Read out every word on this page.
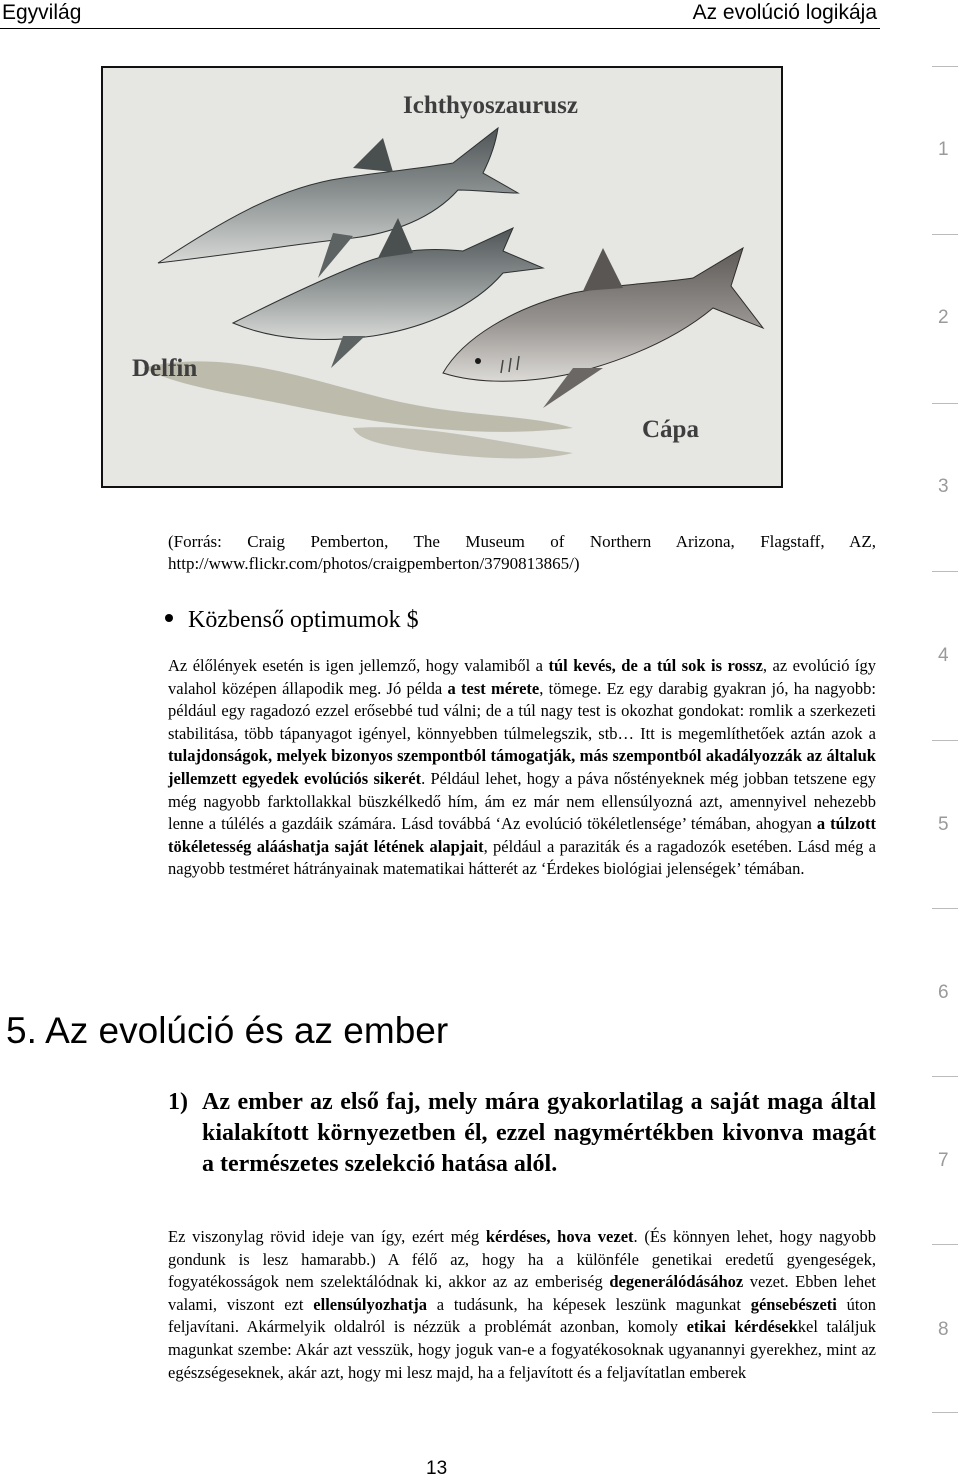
Egyvilág	Az evolúció logikája
Ichthyoszaurusz
Delfin
Cápa
(Forrás: Craig Pemberton, The Museum of Northern Arizona, Flagstaff, AZ,
http://www.flickr.com/photos/craigpemberton/3790813865/)
Közbenső optimumok $
Az élőlények esetén is igen jellemző, hogy valamiből a túl kevés, de a túl sok is rossz, az evolúció így valahol középen állapodik meg. Jó példa a test mérete, tömege. Ez egy darabig gyakran jó, ha nagyobb: például egy ragadozó ezzel erősebbé tud válni; de a túl nagy test is okozhat gondokat: romlik a szerkezeti stabilitása, több tápanyagot igényel, könnyebben túlmelegszik, stb… Itt is megemlíthetőek aztán azok a tulajdonságok, melyek bizonyos szempontból támogatják, más szempontból akadályozzák az általuk jellemzett egyedek evolúciós sikerét. Például lehet, hogy a páva nőstényeknek még jobban tetszene egy még nagyobb farktollakkal büszkélkedő hím, ám ez már nem ellensúlyozná azt, amennyivel nehezebb lenne a túlélés a gazdáik számára. Lásd továbbá ‘Az evolúció tökéletlensége’ témában, ahogyan a túlzott tökéletesség alááshatja saját létének alapjait, például a paraziták és a ragadozók esetében. Lásd még a nagyobb testméret hátrányainak matematikai hátterét az ‘Érdekes biológiai jelenségek’ témában.
5. Az evolúció és az ember
1) Az ember az első faj, mely mára gyakorlatilag a saját maga által kialakított környezetben él, ezzel nagymértékben kivonva magát a természetes szelekció hatása alól.
Ez viszonylag rövid ideje van így, ezért még kérdéses, hova vezet. (És könnyen lehet, hogy nagyobb gondunk is lesz hamarabb.) A félő az, hogy ha a különféle genetikai eredetű gyengeségek, fogyatékosságok nem szelektálódnak ki, akkor az az emberiség degenerálódásához vezet. Ebben lehet valami, viszont ezt ellensúlyozhatja a tudásunk, ha képesek leszünk magunkat génsebészeti úton feljavítani. Akármelyik oldalról is nézzük a problémát azonban, komoly etikai kérdésekkel találjuk magunkat szembe: Akár azt vesszük, hogy joguk van-e a fogyatékosoknak ugyanannyi gyerekhez, mint az egészségeseknek, akár azt, hogy mi lesz majd, ha a feljavított és a feljavítatlan emberek
13
1
2
3
4
5
6
7
8
